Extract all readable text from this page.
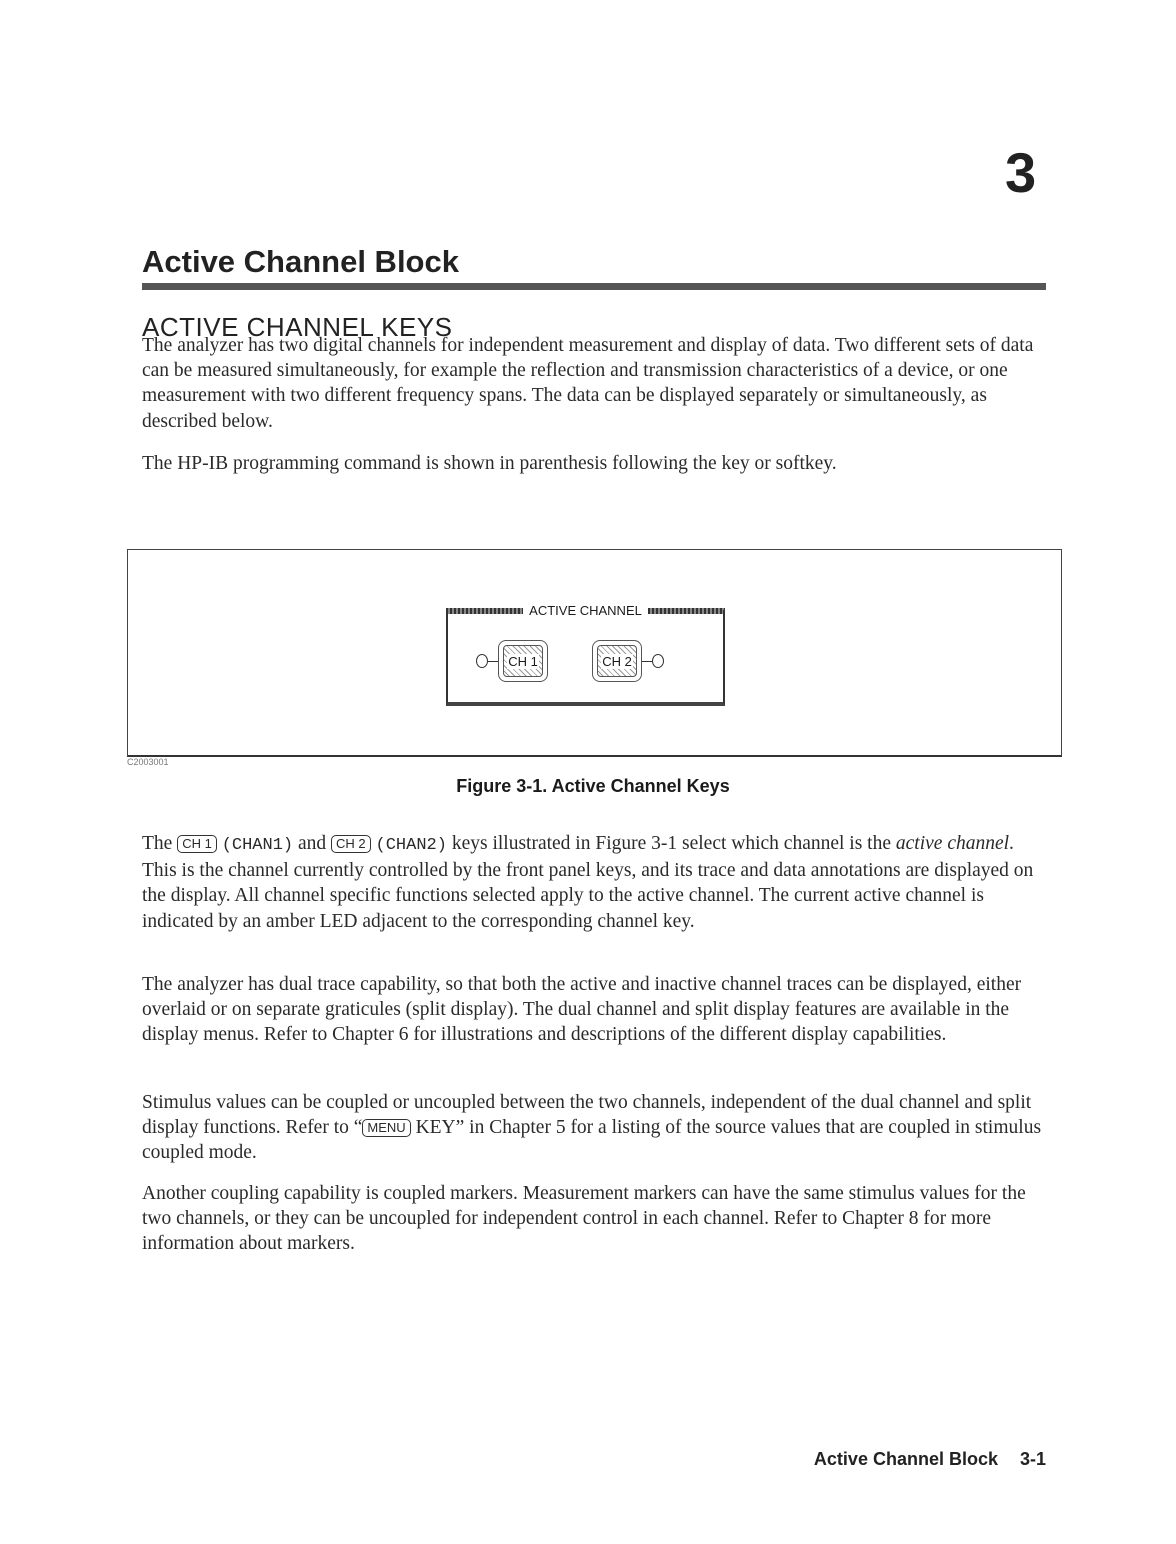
3
Active Channel Block
ACTIVE CHANNEL KEYS

The analyzer has two digital channels for independent measurement and display of data. Two different sets of data can be measured simultaneously, for example the reflection and transmission characteristics of a device, or one measurement with two different frequency spans. The data can be displayed separately or simultaneously, as described below.

The HP-IB programming command is shown in parenthesis following the key or softkey.

ACTIVE CHANNEL
CH 1	CH 2
C2003001
Figure 3-1. Active Channel Keys

The CH 1 (CHAN1) and CH 2 (CHAN2) keys illustrated in Figure 3-1 select which channel is the active channel. This is the channel currently controlled by the front panel keys, and its trace and data annotations are displayed on the display. All channel specific functions selected apply to the active channel. The current active channel is indicated by an amber LED adjacent to the corresponding channel key.

The analyzer has dual trace capability, so that both the active and inactive channel traces can be displayed, either overlaid or on separate graticules (split display). The dual channel and split display features are available in the display menus. Refer to Chapter 6 for illustrations and descriptions of the different display capabilities.

Stimulus values can be coupled or uncoupled between the two channels, independent of the dual channel and split display functions. Refer to “ MENU KEY” in Chapter 5 for a listing of the source values that are coupled in stimulus coupled mode.

Another coupling capability is coupled markers. Measurement markers can have the same stimulus values for the two channels, or they can be uncoupled for independent control in each channel. Refer to Chapter 8 for more information about markers.

Active Channel Block 3-1
